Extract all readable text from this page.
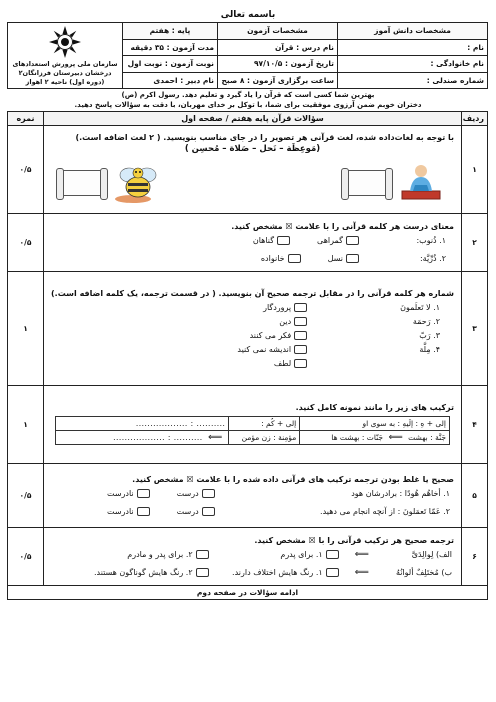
باسمه تعالی
مشخصات دانش آموز	مشخصات آزمون	پایه : هفتم	سازمان ملی پرورش استعدادهای
درخشان دبیرستان فرزانگان۲
(دوره اول) ناحیه ۲ اهواز

نام :	نام درس : قرآن	مدت آزمون : ۳۵ دقیقه	
نام خانوادگی :	تاریخ آزمون : ۹۷/۱۰/۵	نوبت آزمون : نوبت اول	
شماره صندلی :	ساعت برگزاری آزمون : ۸ صبح	نام دبیر : احمدی	
بهترین شما کسی است که قرآن را یاد گیرد و تعلیم دهد. رسول اکرم (ص)
دختران خوبم ضمن آرزوی موفقیت برای شما، با توکل بر خدای مهربان، با دقت به سؤالات پاسخ دهید.
ردیف	سؤالات قرآن پایه هفتم / صفحه اول	نمره
۱	
با توجه به لغات‌داده شده، لغت قرآنی هر تصویر را در جای مناسب بنویسید. ( ۲ لغت اضافه است.)
(مَوعِظَة – نَحل – صَلاة – مُحسِن )
	۰/۵
۲	
معنای درست هر کلمه قرآنی را با علامت ☒ مشخص کنید.
۱. ذُنوب:
گمراهی
گناهان
۲. ذُرِّیَّة:
نسل
خانواده
	۰/۵
۳	
شماره هر کلمه قرآنی را در مقابل ترجمه صحیح آن بنویسید. ( در قسمت ترجمه، یک کلمه اضافه است.)
۱. لا تَعلَمونَ
۲. رَحمَة
۳. رَبّ
۴. مِلَّة
پروردگار
دین
فکر می کنند
اندیشه نمی کنید
لطف
	۱
۴	
ترکیب های زیر را مانند نمونه کامل کنید.
إلی + هِ : إلَیهِ : به سوی او	إلی + کُم :	.......... : ..................
جَنَّة : بهشت ⟸ جَنّات : بهشت ها	مؤمِنة : زن مؤمن	⟸ .......... : ..................
	۱
۵	
صحیح یا غلط بودن ترجمه ترکیب های قرآنی داده شده را با علامت ☒ مشخص کنید.
۱. أخاهُم هُودًا : برادرشان هود
درست
نادرست
۲. عَمّا تَعمَلونَ : از آنچه انجام می دهید.
درست
نادرست
	۰/۵
۶	
ترجمه صحیح هر ترکیب قرآنی را با ☒ مشخص کنید.
الف) لِوالِدَیَّ
⟸
۱. برای پدرم
۲. برای پدر و مادرم
ب) مُختَلِفٌ ألوانُهُ
⟸
۱. رنگ هایش اختلاف دارند.
۲. رنگ هایش گوناگون هستند.
	۰/۵
ادامه سؤالات در صفحه دوم
